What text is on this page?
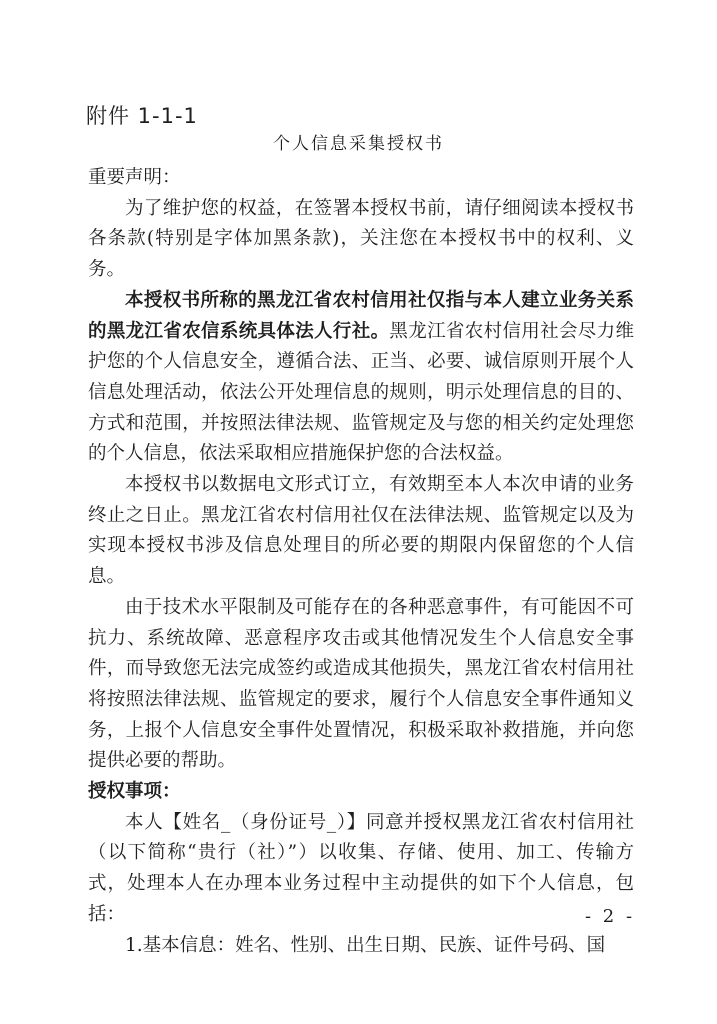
附件 1-1-1
个人信息采集授权书

重要声明：

为了维护您的权益，在签署本授权书前，请仔细阅读本授权书各条款(特别是字体加黑条款)，关注您在本授权书中的权利、义务。

本授权书所称的黑龙江省农村信用社仅指与本人建立业务关系的黑龙江省农信系统具体法人行社。黑龙江省农村信用社会尽力维护您的个人信息安全，遵循合法、正当、必要、诚信原则开展个人信息处理活动，依法公开处理信息的规则，明示处理信息的目的、方式和范围，并按照法律法规、监管规定及与您的相关约定处理您的个人信息，依法采取相应措施保护您的合法权益。

本授权书以数据电文形式订立，有效期至本人本次申请的业务终止之日止。黑龙江省农村信用社仅在法律法规、监管规定以及为实现本授权书涉及信息处理目的所必要的期限内保留您的个人信息。

由于技术水平限制及可能存在的各种恶意事件，有可能因不可抗力、系统故障、恶意程序攻击或其他情况发生个人信息安全事件，而导致您无法完成签约或造成其他损失，黑龙江省农村信用社将按照法律法规、监管规定的要求，履行个人信息安全事件通知义务，上报个人信息安全事件处置情况，积极采取补救措施，并向您提供必要的帮助。

授权事项：

本人【姓名_（身份证号_）】同意并授权黑龙江省农村信用社（以下简称“贵行（社）”）以收集、存储、使用、加工、传输方式，处理本人在办理本业务过程中主动提供的如下个人信息，包括：

1.基本信息：姓名、性别、出生日期、民族、证件号码、国

- 2 -
